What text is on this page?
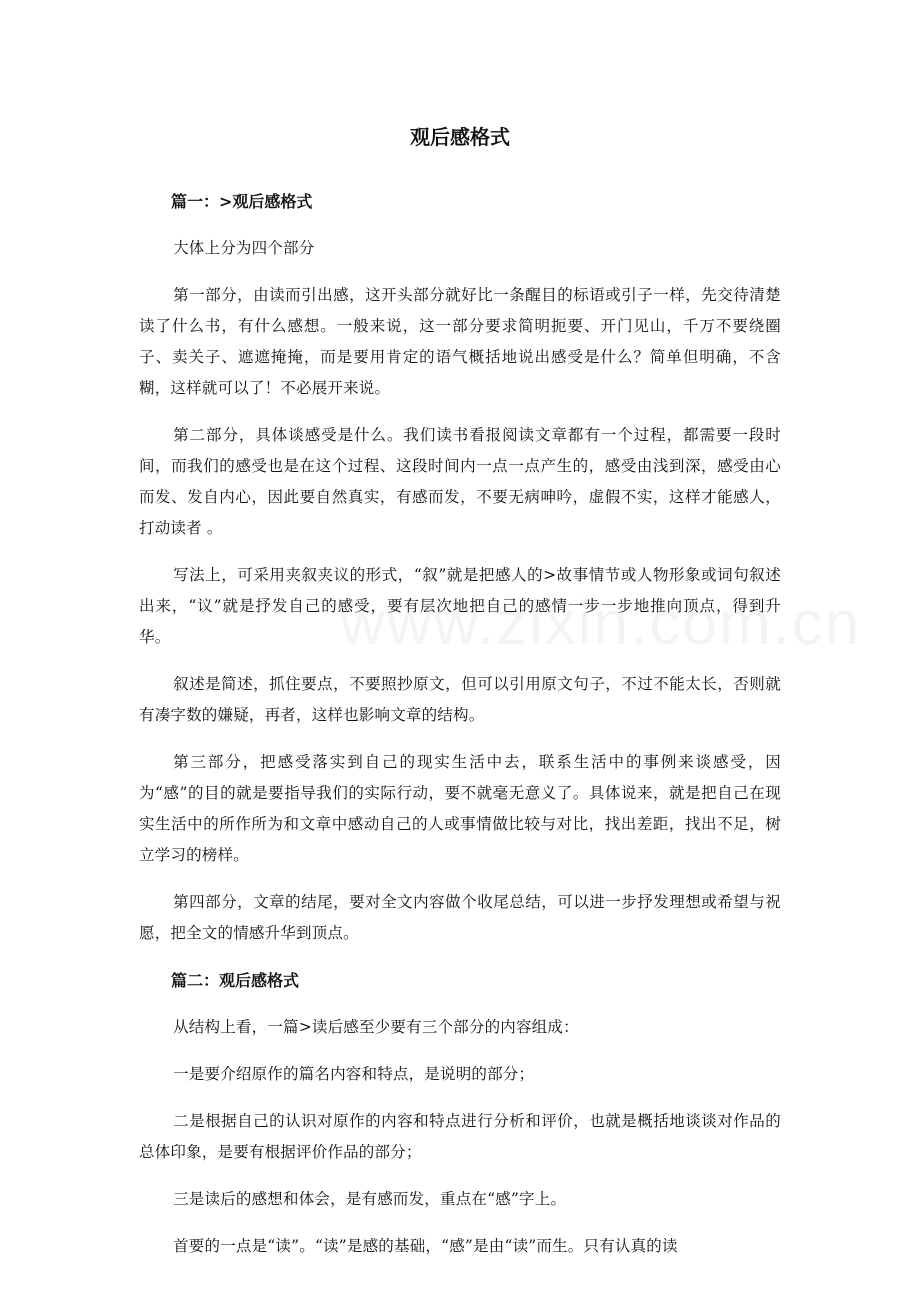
观后感格式

篇一：>观后感格式

大体上分为四个部分

第一部分，由读而引出感，这开头部分就好比一条醒目的标语或引子一样，先交待清楚读了什么书，有什么感想。一般来说，这一部分要求简明扼要、开门见山，千万不要绕圈子、卖关子、遮遮掩掩，而是要用肯定的语气概括地说出感受是什么？简单但明确，不含糊，这样就可以了！不必展开来说。

第二部分，具体谈感受是什么。我们读书看报阅读文章都有一个过程，都需要一段时间，而我们的感受也是在这个过程、这段时间内一点一点产生的，感受由浅到深，感受由心而发、发自内心，因此要自然真实，有感而发，不要无病呻吟，虚假不实，这样才能感人，打动读者 。

写法上，可采用夹叙夹议的形式，“叙”就是把感人的>故事情节或人物形象或词句叙述出来，“议”就是抒发自己的感受，要有层次地把自己的感情一步一步地推向顶点，得到升华。

叙述是简述，抓住要点，不要照抄原文，但可以引用原文句子，不过不能太长，否则就有凑字数的嫌疑，再者，这样也影响文章的结构。

第三部分，把感受落实到自己的现实生活中去，联系生活中的事例来谈感受，因为“感”的目的就是要指导我们的实际行动，要不就毫无意义了。具体说来，就是把自己在现实生活中的所作所为和文章中感动自己的人或事情做比较与对比，找出差距，找出不足，树立学习的榜样。

第四部分，文章的结尾，要对全文内容做个收尾总结，可以进一步抒发理想或希望与祝愿，把全文的情感升华到顶点。

篇二：观后感格式

从结构上看，一篇>读后感至少要有三个部分的内容组成：

一是要介绍原作的篇名内容和特点，是说明的部分；

二是根据自己的认识对原作的内容和特点进行分析和评价，也就是概括地谈谈对作品的总体印象，是要有根据评价作品的部分；

三是读后的感想和体会，是有感而发，重点在“感”字上。

首要的一点是“读”。“读”是感的基础，“感”是由“读”而生。只有认真的读
